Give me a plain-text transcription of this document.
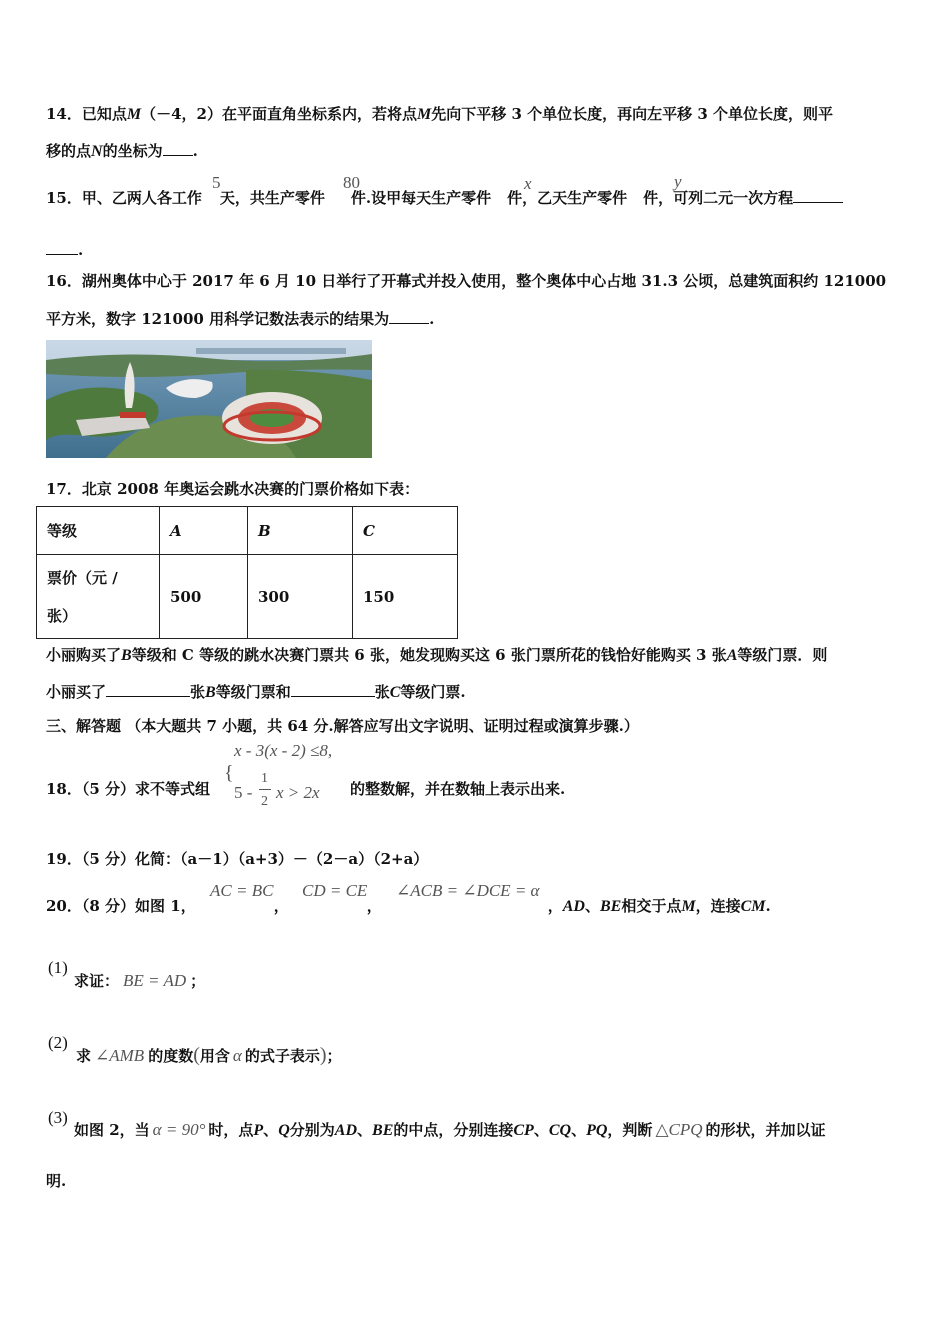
14．已知点M（－4，2）在平面直角坐标系内，若将点M先向下平移 3 个单位长度，再向左平移 3 个单位长度，则平
移的点N的坐标为 .
15．甲、乙两人各工作 天，共生产零件 件.设甲每天生产零件 件，乙天生产零件 件，可列二元一次方程
5	80	x	y
.
16．湖州奥体中心于 2017 年 6 月 10 日举行了开幕式并投入使用，整个奥体中心占地 31.3 公顷，总建筑面积约 121000
平方米，数字 121000 用科学记数法表示的结果为	.
17．北京 2008 年奥运会跳水决赛的门票价格如下表：
等级	A	B	C
票价（元 /
张）	500	300	150
小丽购买了B等级和 C 等级的跳水决赛门票共 6 张，她发现购买这 6 张门票所花的钱恰好能购买 3 张A等级门票．则
小丽买了	张B等级门票和	张C等级门票.
三、解答题 （本大题共 7 小题，共 64 分.解答应写出文字说明、证明过程或演算步骤.）
x - 3(x - 2) ≤8,
{
5 -
1
2 x > 2x
18．（5 分）求不等式组	的整数解，并在数轴上表示出来.
19．（5 分）化简：（a－1）（a+3）－（2－a）（2+a）
AC = BC CD = CE ∠ACB = ∠DCE = α
20．（8 分）如图 1，	，	，	，AD、BE相交于点M，连接CM.
(1)
求证： BE = AD ；
(2)
求 ∠AMB 的度数(用含 α 的式子表示)；
(3)
如图 2，当 α = 90° 时，点P、Q分别为AD、BE的中点，分别连接CP、CQ、PQ，判断 △CPQ 的形状，并加以证
明.
